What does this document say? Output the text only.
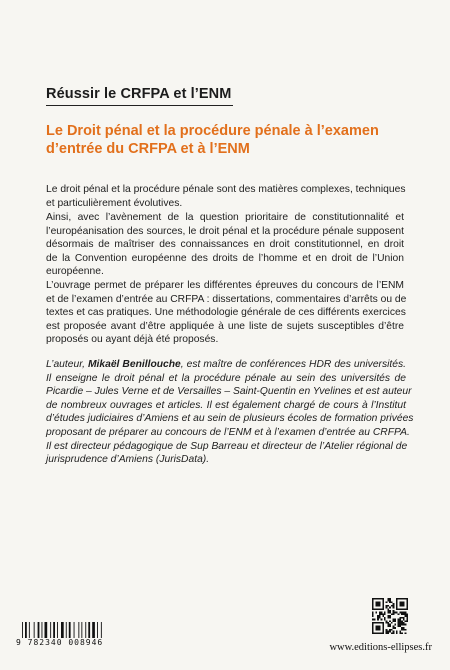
Réussir le CRFPA et l’ENM
Le Droit pénal et la procédure pénale à l’examen
d’entrée du CRFPA et à l’ENM
Le droit pénal et la procédure pénale sont des matières complexes, techniques
et particulièrement évolutives.
Ainsi, avec l’avènement de la question prioritaire de constitutionnalité et
l’européanisation des sources, le droit pénal et la procédure pénale supposent
désormais de maîtriser des connaissances en droit constitutionnel, en droit
de la Convention européenne des droits de l’homme et en droit de l’Union
européenne.
L’ouvrage permet de préparer les différentes épreuves du concours de l’ENM
et de l’examen d’entrée au CRFPA : dissertations, commentaires d’arrêts ou de
textes et cas pratiques. Une méthodologie générale de ces différents exercices
est proposée avant d’être appliquée à une liste de sujets susceptibles d’être
proposés ou ayant déjà été proposés.
L’auteur, Mikaël Benillouche, est maître de conférences HDR des universités.
Il enseigne le droit pénal et la procédure pénale au sein des universités de
Picardie – Jules Verne et de Versailles – Saint-Quentin en Yvelines et est auteur
de nombreux ouvrages et articles. Il est également chargé de cours à l’Institut
d’études judiciaires d’Amiens et au sein de plusieurs écoles de formation privées
proposant de préparer au concours de l’ENM et à l’examen d’entrée au CRFPA.
Il est directeur pédagogique de Sup Barreau et directeur de l’Atelier régional de
jurisprudence d’Amiens (JurisData).
9 782340 008946	www.editions-ellipses.fr
